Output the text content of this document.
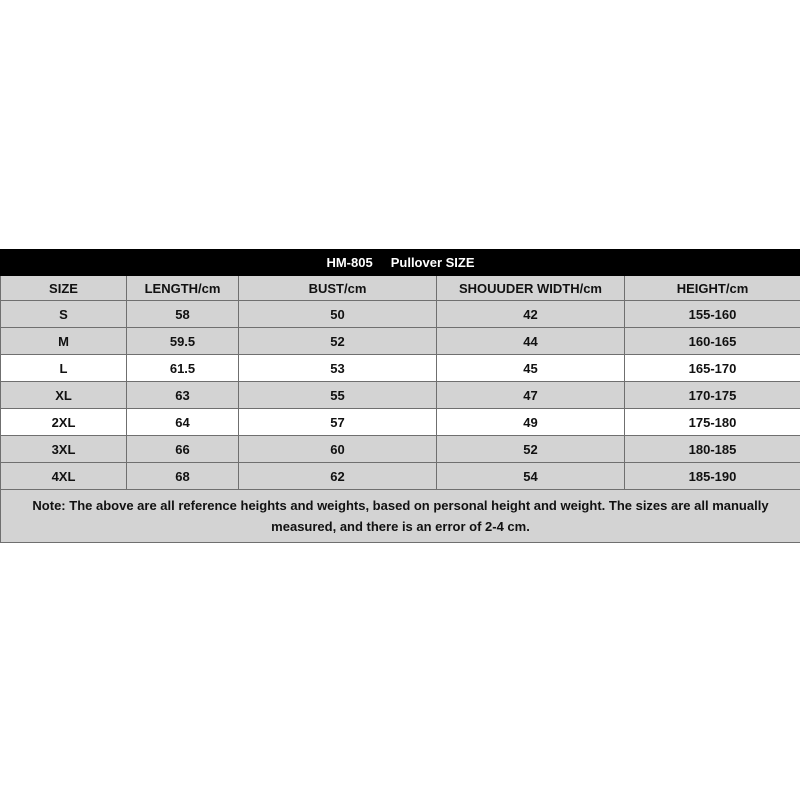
HM-805 Pullover SIZE				
SIZE	LENGTH/cm	BUST/cm	SHOUUDER WIDTH/cm	HEIGHT/cm
S	58	50	42	155-160
M	59.5	52	44	160-165
L	61.5	53	45	165-170
XL	63	55	47	170-175
2XL	64	57	49	175-180
3XL	66	60	52	180-185
4XL	68	62	54	185-190
Note: The above are all reference heights and weights, based on personal height and weight. The sizes are all manually measured, and there is an error of 2-4 cm.				
